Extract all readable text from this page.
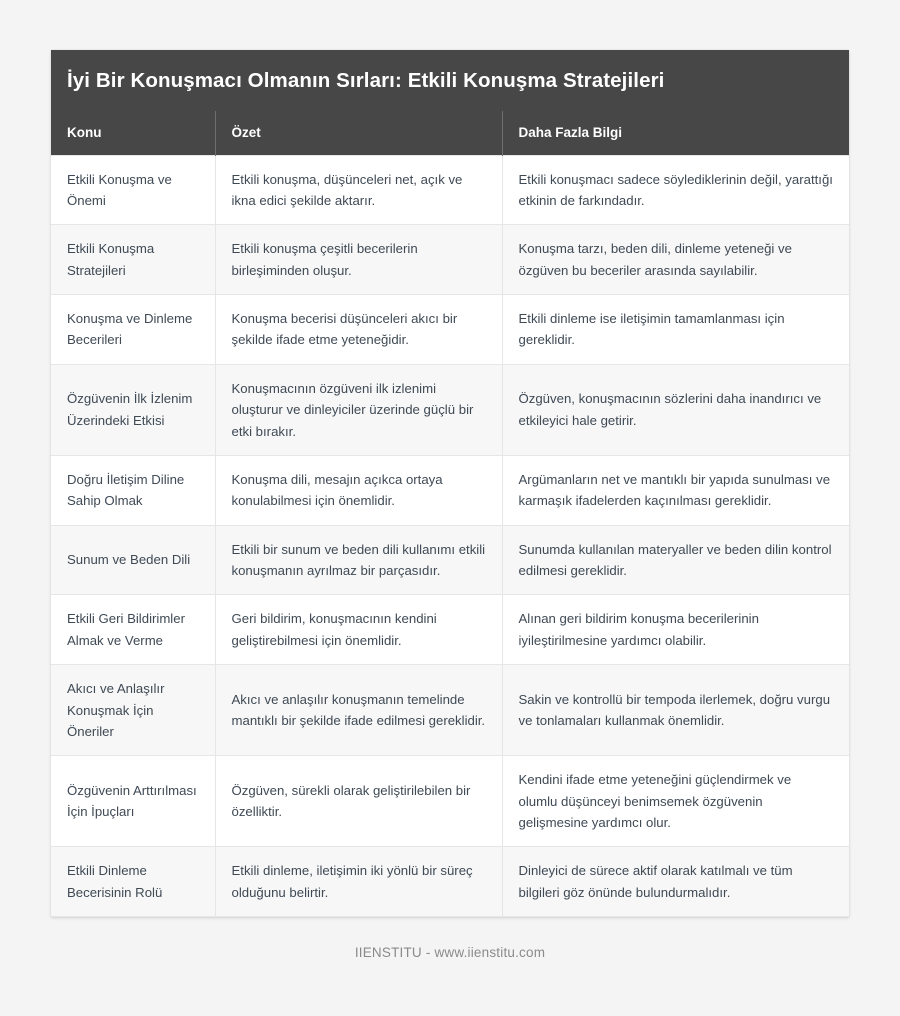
İyi Bir Konuşmacı Olmanın Sırları: Etkili Konuşma Stratejileri
Konu	Özet	Daha Fazla Bilgi
Etkili Konuşma ve Önemi	Etkili konuşma, düşünceleri net, açık ve ikna edici şekilde aktarır.	Etkili konuşmacı sadece söylediklerinin değil, yarattığı etkinin de farkındadır.
Etkili Konuşma Stratejileri	Etkili konuşma çeşitli becerilerin birleşiminden oluşur.	Konuşma tarzı, beden dili, dinleme yeteneği ve özgüven bu beceriler arasında sayılabilir.
Konuşma ve Dinleme Becerileri	Konuşma becerisi düşünceleri akıcı bir şekilde ifade etme yeteneğidir.	Etkili dinleme ise iletişimin tamamlanması için gereklidir.
Özgüvenin İlk İzlenim Üzerindeki Etkisi	Konuşmacının özgüveni ilk izlenimi oluşturur ve dinleyiciler üzerinde güçlü bir etki bırakır.	Özgüven, konuşmacının sözlerini daha inandırıcı ve etkileyici hale getirir.
Doğru İletişim Diline Sahip Olmak	Konuşma dili, mesajın açıkca ortaya konulabilmesi için önemlidir.	Argümanların net ve mantıklı bir yapıda sunulması ve karmaşık ifadelerden kaçınılması gereklidir.
Sunum ve Beden Dili	Etkili bir sunum ve beden dili kullanımı etkili konuşmanın ayrılmaz bir parçasıdır.	Sunumda kullanılan materyaller ve beden dilin kontrol edilmesi gereklidir.
Etkili Geri Bildirimler Almak ve Verme	Geri bildirim, konuşmacının kendini geliştirebilmesi için önemlidir.	Alınan geri bildirim konuşma becerilerinin iyileştirilmesine yardımcı olabilir.
Akıcı ve Anlaşılır Konuşmak İçin Öneriler	Akıcı ve anlaşılır konuşmanın temelinde mantıklı bir şekilde ifade edilmesi gereklidir.	Sakin ve kontrollü bir tempoda ilerlemek, doğru vurgu ve tonlamaları kullanmak önemlidir.
Özgüvenin Arttırılması İçin İpuçları	Özgüven, sürekli olarak geliştirilebilen bir özelliktir.	Kendini ifade etme yeteneğini güçlendirmek ve olumlu düşünceyi benimsemek özgüvenin gelişmesine yardımcı olur.
Etkili Dinleme Becerisinin Rolü	Etkili dinleme, iletişimin iki yönlü bir süreç olduğunu belirtir.	Dinleyici de sürece aktif olarak katılmalı ve tüm bilgileri göz önünde bulundurmalıdır.
IIENSTITU - www.iienstitu.com
